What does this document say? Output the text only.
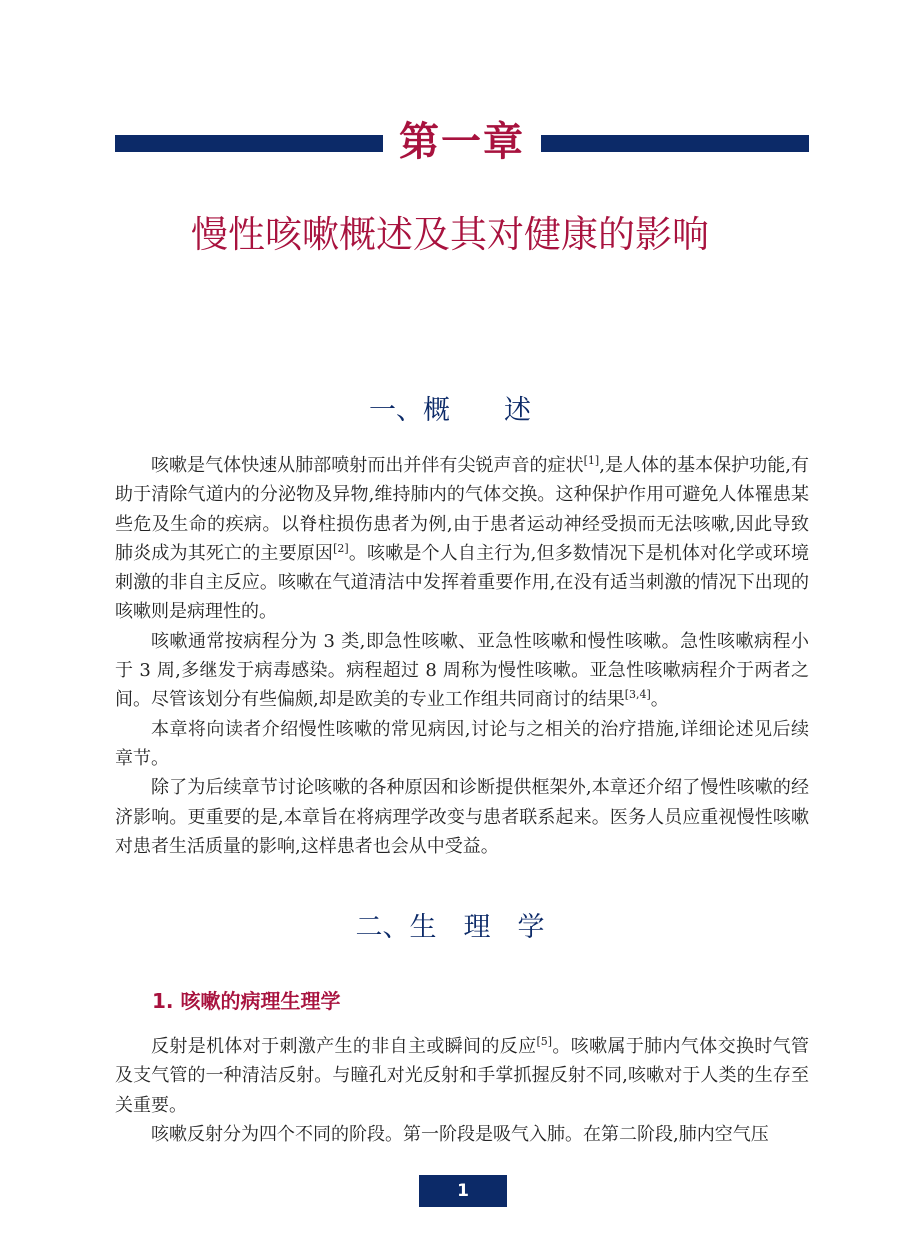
第一章
慢性咳嗽概述及其对健康的影响
一、概　　述

咳嗽是气体快速从肺部喷射而出并伴有尖锐声音的症状[1],是人体的基本保护功能,有助于清除气道内的分泌物及异物,维持肺内的气体交换。这种保护作用可避免人体罹患某些危及生命的疾病。以脊柱损伤患者为例,由于患者运动神经受损而无法咳嗽,因此导致肺炎成为其死亡的主要原因[2]。咳嗽是个人自主行为,但多数情况下是机体对化学或环境刺激的非自主反应。咳嗽在气道清洁中发挥着重要作用,在没有适当刺激的情况下出现的咳嗽则是病理性的。

咳嗽通常按病程分为 3 类,即急性咳嗽、亚急性咳嗽和慢性咳嗽。急性咳嗽病程小于 3 周,多继发于病毒感染。病程超过 8 周称为慢性咳嗽。亚急性咳嗽病程介于两者之间。尽管该划分有些偏颇,却是欧美的专业工作组共同商讨的结果[3,4]。

本章将向读者介绍慢性咳嗽的常见病因,讨论与之相关的治疗措施,详细论述见后续章节。

除了为后续章节讨论咳嗽的各种原因和诊断提供框架外,本章还介绍了慢性咳嗽的经济影响。更重要的是,本章旨在将病理学改变与患者联系起来。医务人员应重视慢性咳嗽对患者生活质量的影响,这样患者也会从中受益。

二、生　理　学
1. 咳嗽的病理生理学

反射是机体对于刺激产生的非自主或瞬间的反应[5]。咳嗽属于肺内气体交换时气管及支气管的一种清洁反射。与瞳孔对光反射和手掌抓握反射不同,咳嗽对于人类的生存至关重要。

咳嗽反射分为四个不同的阶段。第一阶段是吸气入肺。在第二阶段,肺内空气压

1
